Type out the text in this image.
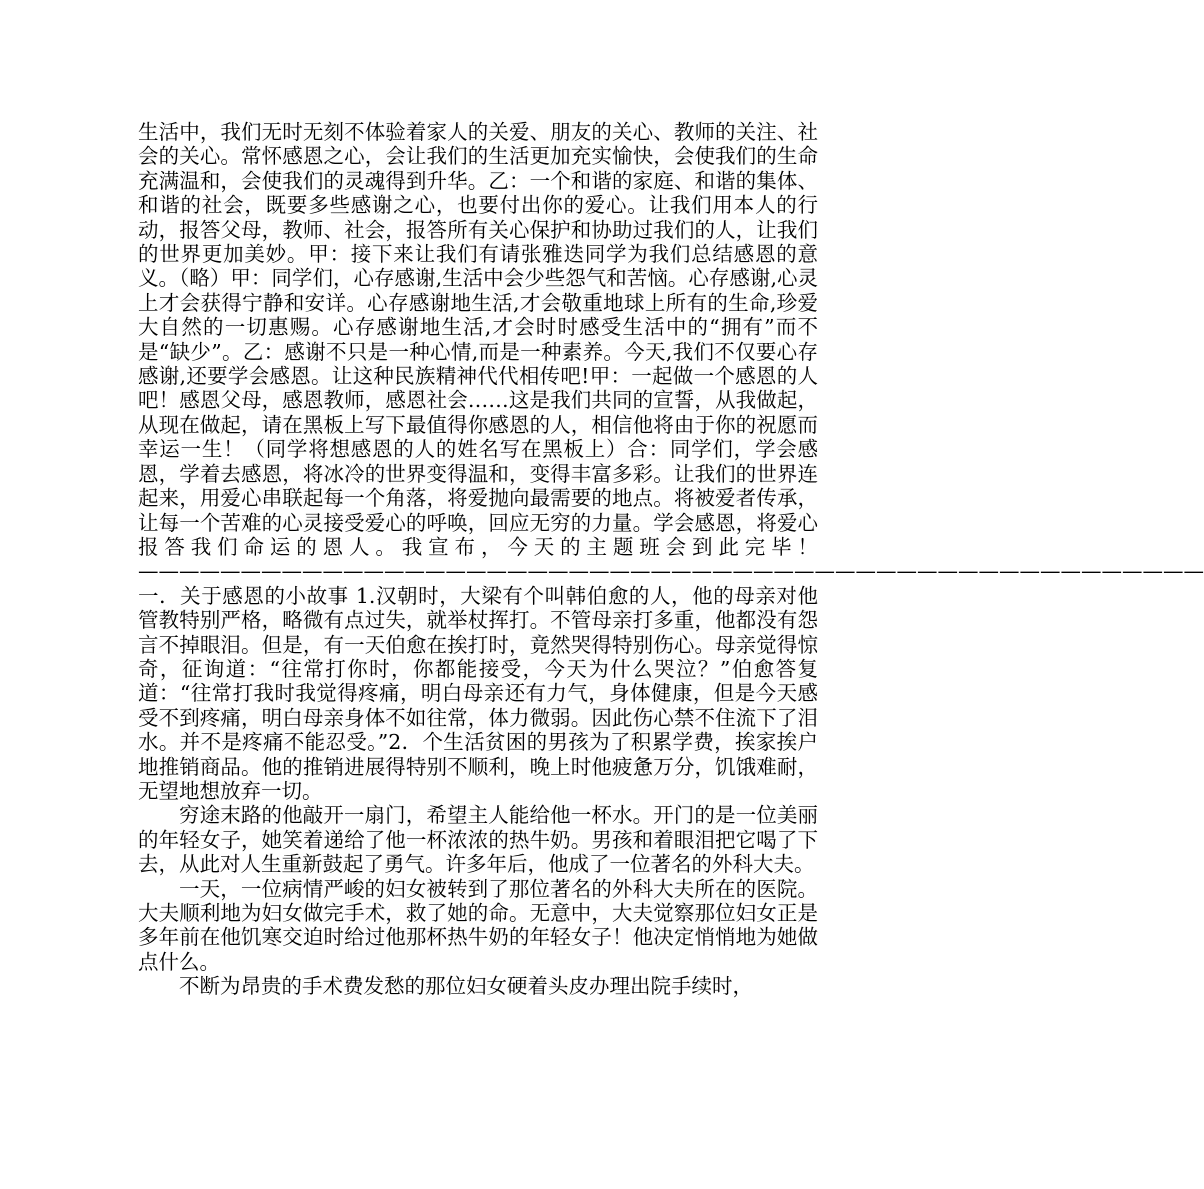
生活中，我们无时无刻不体验着家人的关爱、朋友的关心、教师的关注、社会的关心。常怀感恩之心，会让我们的生活更加充实愉快，会使我们的生命充满温和，会使我们的灵魂得到升华。乙：一个和谐的家庭、和谐的集体、和谐的社会，既要多些感谢之心，也要付出你的爱心。让我们用本人的行动，报答父母，教师、社会，报答所有关心保护和协助过我们的人，让我们的世界更加美妙。甲：接下来让我们有请张雅迭同学为我们总结感恩的意义。（略）甲：同学们，心存感谢,生活中会少些怨气和苦恼。心存感谢,心灵上才会获得宁静和安详。心存感谢地生活,才会敬重地球上所有的生命,珍爱大自然的一切惠赐。心存感谢地生活,才会时时感受生活中的“拥有”而不是“缺少”。乙：感谢不只是一种心情,而是一种素养。今天,我们不仅要心存感谢,还要学会感恩。让这种民族精神代代相传吧!甲：一起做一个感恩的人吧！感恩父母，感恩教师，感恩社会……这是我们共同的宣誓，从我做起，从现在做起，请在黑板上写下最值得你感恩的人，相信他将由于你的祝愿而幸运一生！（同学将想感恩的人的姓名写在黑板上）合：同学们，学会感恩，学着去感恩，将冰冷的世界变得温和，变得丰富多彩。让我们的世界连起来，用爱心串联起每一个角落，将爱抛向最需要的地点。将被爱者传承，让每一个苦难的心灵接受爱心的呼唤，回应无穷的力量。学会感恩，将爱心报答我们命运的恩人。我宣布，今天的主题班会到此完毕！————————————————————————————————————————————————————一．关于感恩的小故事 1.汉朝时，大梁有个叫韩伯愈的人，他的母亲对他管教特别严格，略微有点过失，就举杖挥打。不管母亲打多重，他都没有怨言不掉眼泪。但是，有一天伯愈在挨打时，竟然哭得特别伤心。母亲觉得惊奇，征询道：“往常打你时，你都能接受，今天为什么哭泣？”伯愈答复道：“往常打我时我觉得疼痛，明白母亲还有力气，身体健康，但是今天感受不到疼痛，明白母亲身体不如往常，体力微弱。因此伤心禁不住流下了泪水。并不是疼痛不能忍受。”2．个生活贫困的男孩为了积累学费，挨家挨户地推销商品。他的推销进展得特别不顺利，晚上时他疲惫万分，饥饿难耐，无望地想放弃一切。

穷途末路的他敲开一扇门，希望主人能给他一杯水。开门的是一位美丽的年轻女子，她笑着递给了他一杯浓浓的热牛奶。男孩和着眼泪把它喝了下去，从此对人生重新鼓起了勇气。许多年后，他成了一位著名的外科大夫。

一天，一位病情严峻的妇女被转到了那位著名的外科大夫所在的医院。大夫顺利地为妇女做完手术，救了她的命。无意中，大夫觉察那位妇女正是多年前在他饥寒交迫时给过他那杯热牛奶的年轻女子！他决定悄悄地为她做点什么。

不断为昂贵的手术费发愁的那位妇女硬着头皮办理出院手续时，
